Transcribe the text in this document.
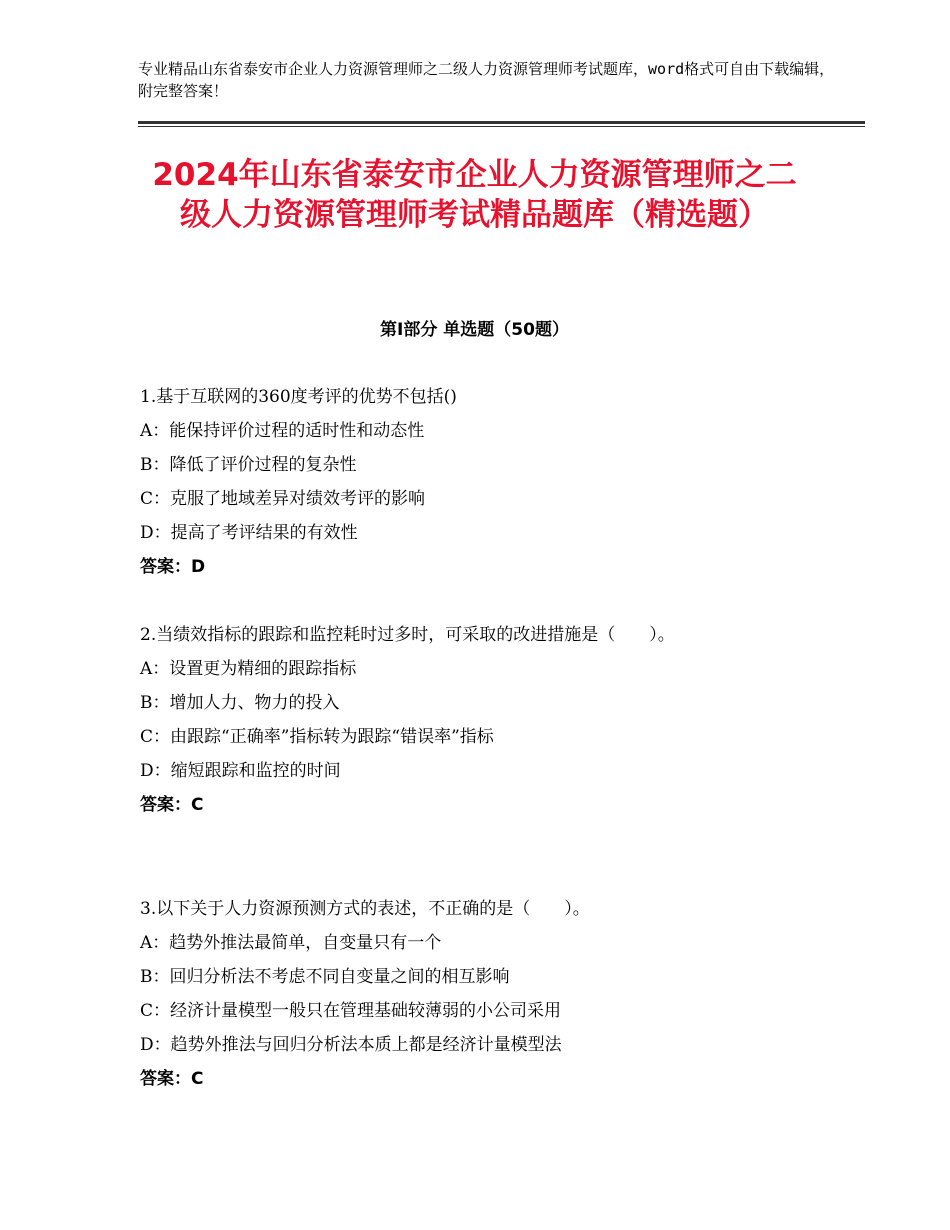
专业精品山东省泰安市企业人力资源管理师之二级人力资源管理师考试题库，word格式可自由下载编辑，附完整答案！
2024年山东省泰安市企业人力资源管理师之二级人力资源管理师考试精品题库（精选题）
第Ⅰ部分 单选题（50题）
1.基于互联网的360度考评的优势不包括()
A：能保持评价过程的适时性和动态性
B：降低了评价过程的复杂性
C：克服了地域差异对绩效考评的影响
D：提高了考评结果的有效性
答案：D
2.当绩效指标的跟踪和监控耗时过多时，可采取的改进措施是（　　）。
A：设置更为精细的跟踪指标
B：增加人力、物力的投入
C：由跟踪“正确率”指标转为跟踪“错误率”指标
D：缩短跟踪和监控的时间
答案：C
3.以下关于人力资源预测方式的表述，不正确的是（　　）。
A：趋势外推法最简单，自变量只有一个
B：回归分析法不考虑不同自变量之间的相互影响
C：经济计量模型一般只在管理基础较薄弱的小公司采用
D：趋势外推法与回归分析法本质上都是经济计量模型法
答案：C
